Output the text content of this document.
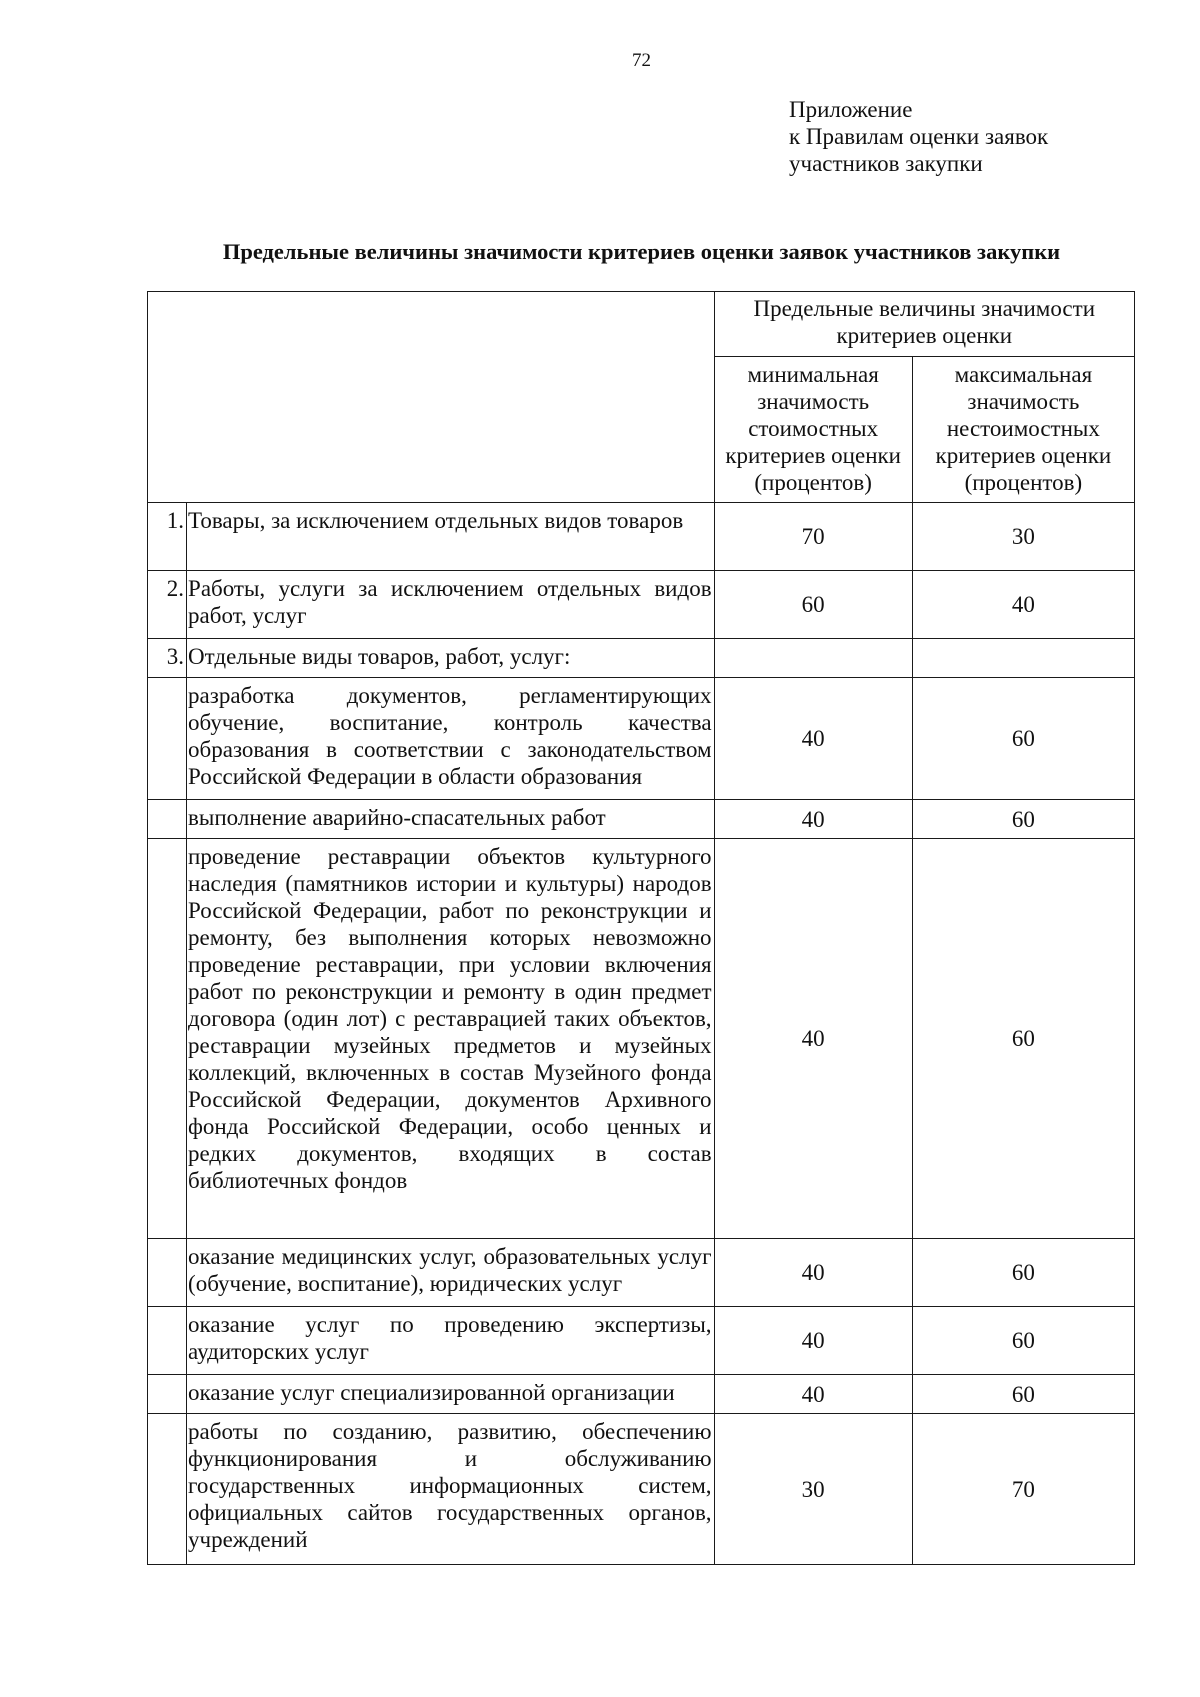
72
Приложение
к Правилам оценки заявок
участников закупки
Предельные величины значимости критериев оценки заявок участников закупки
		Предельные величины значимости критериев оценки	
		минимальная значимость стоимостных критериев оценки (процентов)	максимальная значимость нестоимостных критериев оценки (процентов)
1.	Товары, за исключением отдельных видов товаров	70	30
2.	Работы, услуги за исключением отдельных видов работ, услуг	60	40
3.	Отдельные виды товаров, работ, услуг:		
	разработка документов, регламентирующих обучение, воспитание, контроль качества образования в соответствии с законодательством Российской Федерации в области образования	40	60
	выполнение аварийно-спасательных работ	40	60
	проведение реставрации объектов культурного наследия (памятников истории и культуры) народов Российской Федерации, работ по реконструкции и ремонту, без выполнения которых невозможно проведение реставрации, при условии включения работ по реконструкции и ремонту в один предмет договора (один лот) с реставрацией таких объектов, реставрации музейных предметов и музейных коллекций, включенных в состав Музейного фонда Российской Федерации, документов Архивного фонда Российской Федерации, особо ценных и редких документов, входящих в состав библиотечных фондов	40	60
	оказание медицинских услуг, образовательных услуг (обучение, воспитание), юридических услуг	40	60
	оказание услуг по проведению экспертизы, аудиторских услуг	40	60
	оказание услуг специализированной организации	40	60
	работы по созданию, развитию, обеспечению функционирования и обслуживанию государственных информационных систем, официальных сайтов государственных органов, учреждений	30	70
